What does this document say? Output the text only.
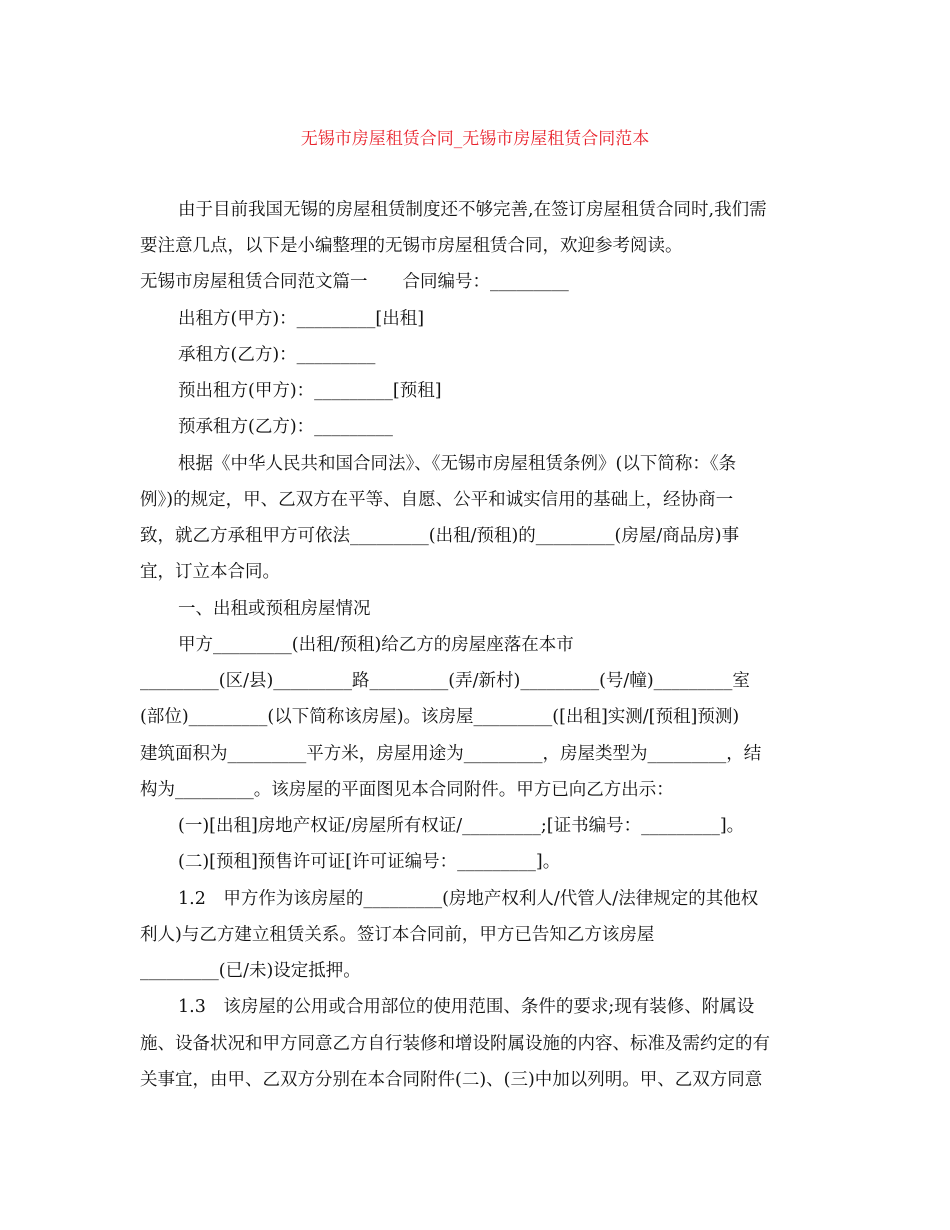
无锡市房屋租赁合同_无锡市房屋租赁合同范本
由于目前我国无锡的房屋租赁制度还不够完善,在签订房屋租赁合同时,我们需
要注意几点，以下是小编整理的无锡市房屋租赁合同，欢迎参考阅读。
无锡市房屋租赁合同范文篇一　　合同编号：_________
出租方(甲方)：_________[出租]
承租方(乙方)：_________
预出租方(甲方)：_________[预租]
预承租方(乙方)：_________
根据《中华人民共和国合同法》、《无锡市房屋租赁条例》(以下简称：《条
例》)的规定，甲、乙双方在平等、自愿、公平和诚实信用的基础上，经协商一
致，就乙方承租甲方可依法_________(出租/预租)的_________(房屋/商品房)事
宜，订立本合同。
一、出租或预租房屋情况
甲方_________(出租/预租)给乙方的房屋座落在本市
_________(区/县)_________路_________(弄/新村)_________(号/幢)_________室
(部位)_________(以下简称该房屋)。该房屋_________([出租]实测/[预租]预测)
建筑面积为_________平方米，房屋用途为_________，房屋类型为_________，结
构为_________。该房屋的平面图见本合同附件。甲方已向乙方出示：
(一)[出租]房地产权证/房屋所有权证/_________;[证书编号：_________]。
(二)[预租]预售许可证[许可证编号：_________]。
1.2　甲方作为该房屋的_________(房地产权利人/代管人/法律规定的其他权
利人)与乙方建立租赁关系。签订本合同前，甲方已告知乙方该房屋
_________(已/未)设定抵押。
1.3　该房屋的公用或合用部位的使用范围、条件的要求;现有装修、附属设
施、设备状况和甲方同意乙方自行装修和增设附属设施的内容、标准及需约定的有
关事宜，由甲、乙双方分别在本合同附件(二)、(三)中加以列明。甲、乙双方同意
